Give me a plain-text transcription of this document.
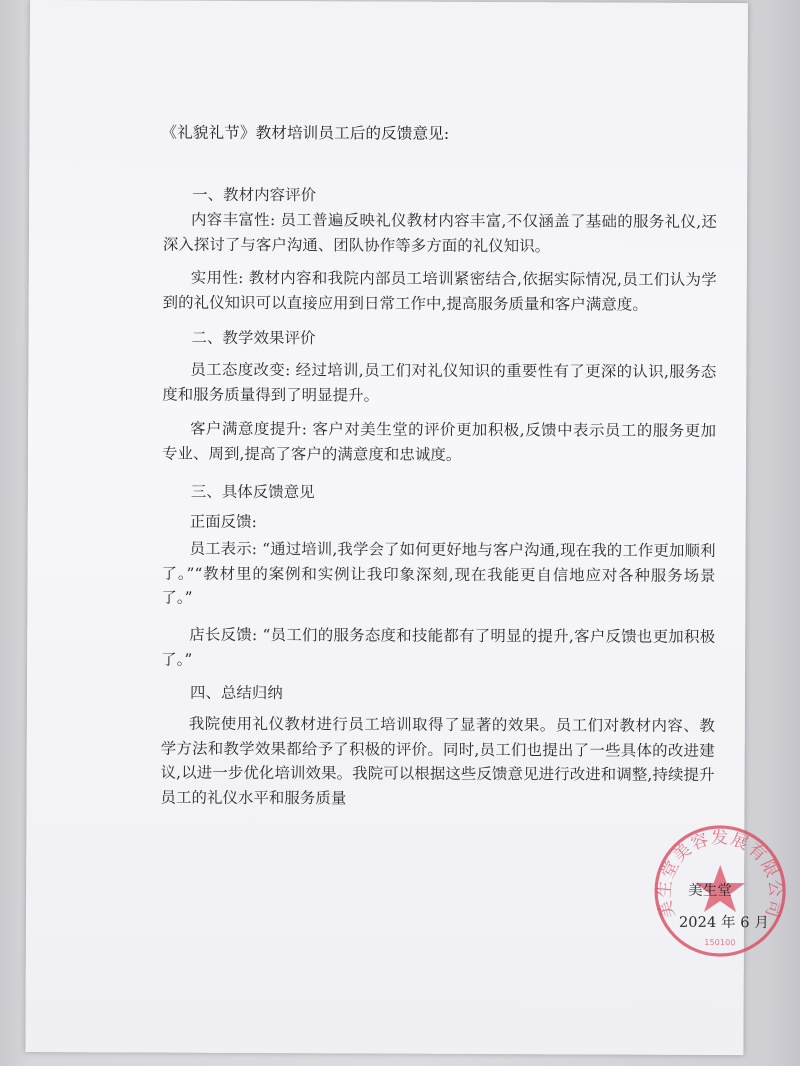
《礼貌礼节》教材培训员工后的反馈意见:
一、教材内容评价
内容丰富性: 员工普遍反映礼仪教材内容丰富,不仅涵盖了基础的服务礼仪,还深入探讨了与客户沟通、团队协作等多方面的礼仪知识。
实用性: 教材内容和我院内部员工培训紧密结合,依据实际情况,员工们认为学到的礼仪知识可以直接应用到日常工作中,提高服务质量和客户满意度。
二、教学效果评价
员工态度改变: 经过培训,员工们对礼仪知识的重要性有了更深的认识,服务态度和服务质量得到了明显提升。
客户满意度提升: 客户对美生堂的评价更加积极,反馈中表示员工的服务更加专业、周到,提高了客户的满意度和忠诚度。
三、具体反馈意见
正面反馈:
员工表示: “通过培训,我学会了如何更好地与客户沟通,现在我的工作更加顺利了。”“教材里的案例和实例让我印象深刻,现在我能更自信地应对各种服务场景了。”
店长反馈: “员工们的服务态度和技能都有了明显的提升,客户反馈也更加积极了。”
四、总结归纳
我院使用礼仪教材进行员工培训取得了显著的效果。员工们对教材内容、教学方法和教学效果都给予了积极的评价。同时,员工们也提出了一些具体的改进建议,以进一步优化培训效果。我院可以根据这些反馈意见进行改进和调整,持续提升员工的礼仪水平和服务质量
美生堂美容发展有限公司
150100
美生堂
2024 年 6 月
